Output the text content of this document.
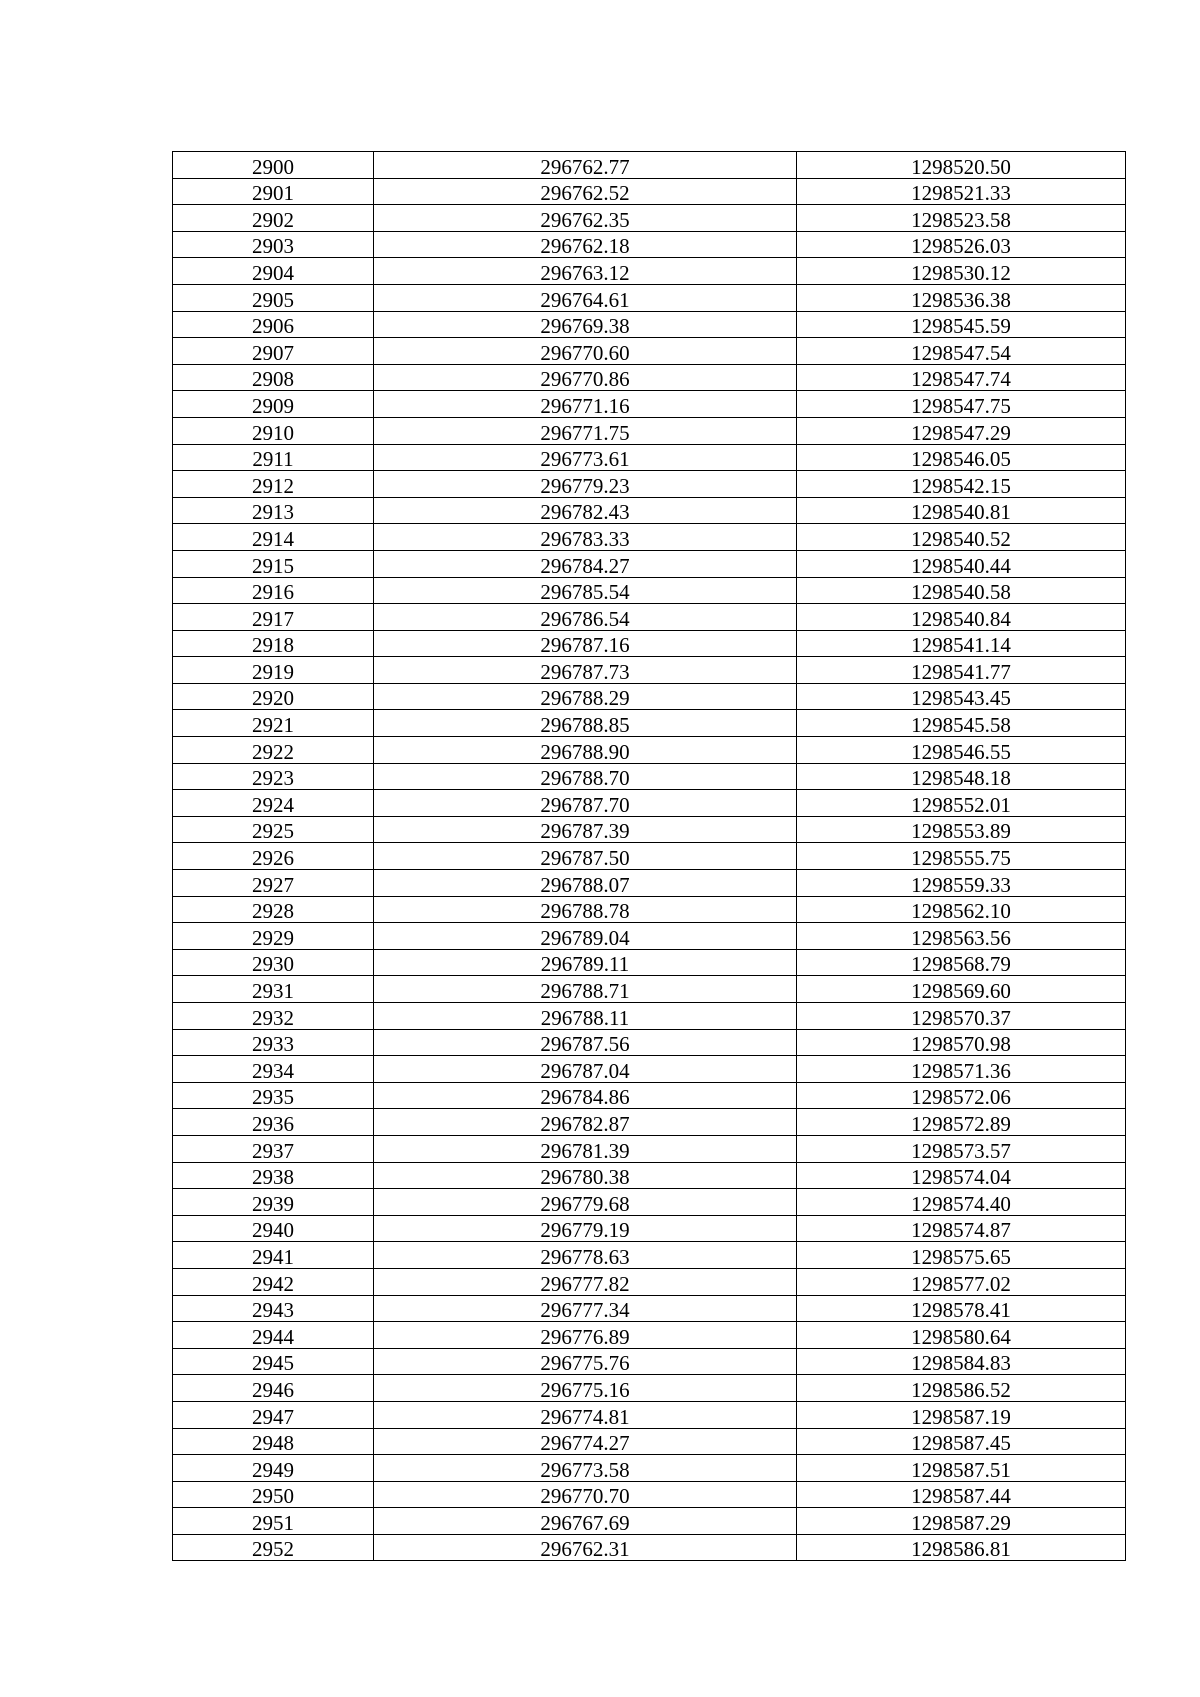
2900	296762.77	1298520.50
2901	296762.52	1298521.33
2902	296762.35	1298523.58
2903	296762.18	1298526.03
2904	296763.12	1298530.12
2905	296764.61	1298536.38
2906	296769.38	1298545.59
2907	296770.60	1298547.54
2908	296770.86	1298547.74
2909	296771.16	1298547.75
2910	296771.75	1298547.29
2911	296773.61	1298546.05
2912	296779.23	1298542.15
2913	296782.43	1298540.81
2914	296783.33	1298540.52
2915	296784.27	1298540.44
2916	296785.54	1298540.58
2917	296786.54	1298540.84
2918	296787.16	1298541.14
2919	296787.73	1298541.77
2920	296788.29	1298543.45
2921	296788.85	1298545.58
2922	296788.90	1298546.55
2923	296788.70	1298548.18
2924	296787.70	1298552.01
2925	296787.39	1298553.89
2926	296787.50	1298555.75
2927	296788.07	1298559.33
2928	296788.78	1298562.10
2929	296789.04	1298563.56
2930	296789.11	1298568.79
2931	296788.71	1298569.60
2932	296788.11	1298570.37
2933	296787.56	1298570.98
2934	296787.04	1298571.36
2935	296784.86	1298572.06
2936	296782.87	1298572.89
2937	296781.39	1298573.57
2938	296780.38	1298574.04
2939	296779.68	1298574.40
2940	296779.19	1298574.87
2941	296778.63	1298575.65
2942	296777.82	1298577.02
2943	296777.34	1298578.41
2944	296776.89	1298580.64
2945	296775.76	1298584.83
2946	296775.16	1298586.52
2947	296774.81	1298587.19
2948	296774.27	1298587.45
2949	296773.58	1298587.51
2950	296770.70	1298587.44
2951	296767.69	1298587.29
2952	296762.31	1298586.81
